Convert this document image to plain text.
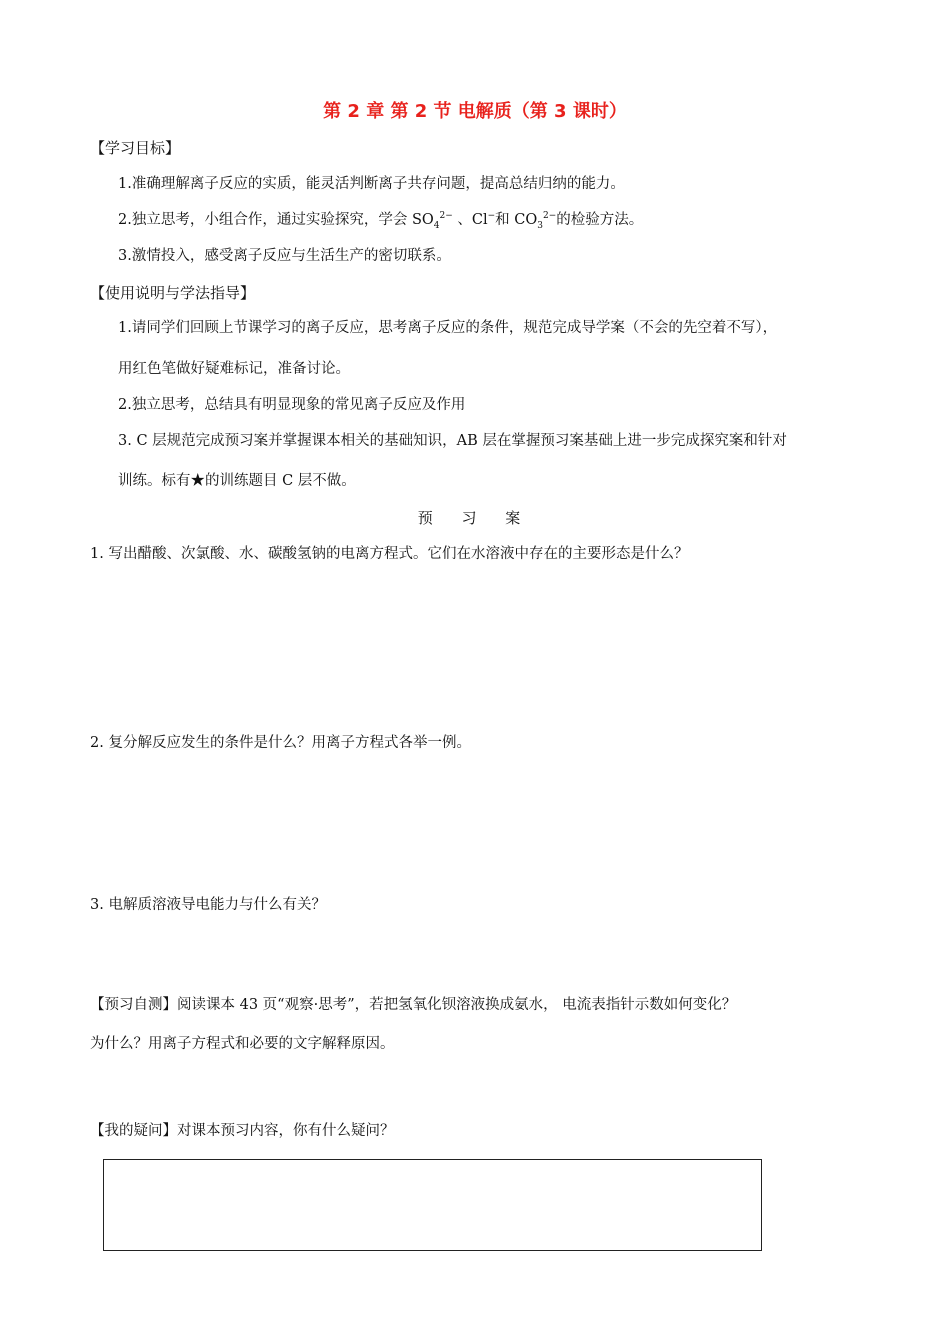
第 2 章 第 2 节 电解质（第 3 课时）
【学习目标】
1.准确理解离子反应的实质，能灵活判断离子共存问题，提高总结归纳的能力。
2.独立思考，小组合作，通过实验探究，学会 $SO_4^{2-}$ 、Cl−和 $CO_3^{2-}$的检验方法。
3.激情投入，感受离子反应与生活生产的密切联系。
【使用说明与学法指导】
1.请同学们回顾上节课学习的离子反应，思考离子反应的条件，规范完成导学案（不会的先空着不写），
用红色笔做好疑难标记，准备讨论。
2.独立思考，总结具有明显现象的常见离子反应及作用
3. C 层规范完成预习案并掌握课本相关的基础知识，AB 层在掌握预习案基础上进一步完成探究案和针对
训练。标有★的训练题目 C 层不做。
预 习 案
1. 写出醋酸、次氯酸、水、碳酸氢钠的电离方程式。它们在水溶液中存在的主要形态是什么？
2. 复分解反应发生的条件是什么？用离子方程式各举一例。
3. 电解质溶液导电能力与什么有关？
【预习自测】阅读课本 43 页“观察·思考”，若把氢氧化钡溶液换成氨水， 电流表指针示数如何变化？
为什么？用离子方程式和必要的文字解释原因。
【我的疑问】对课本预习内容，你有什么疑问？
